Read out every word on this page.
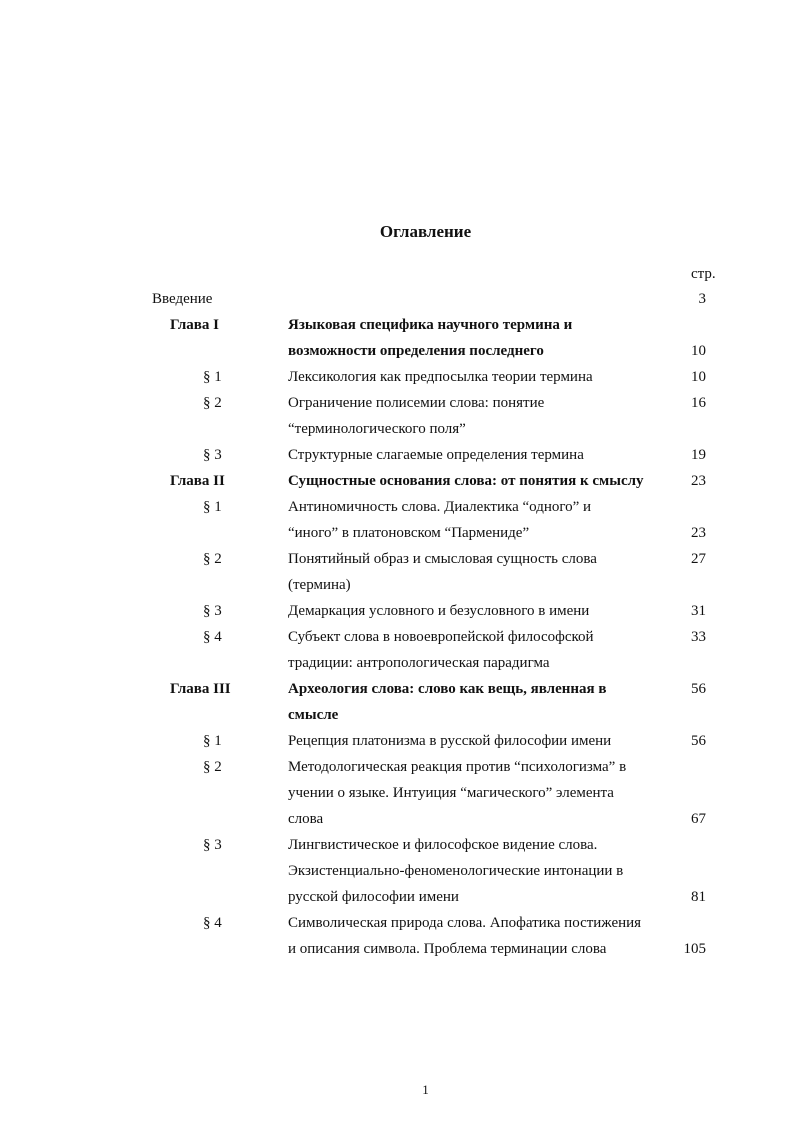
Оглавление
стр.
Введение	3
Глава I	Языковая специфика научного термина и
возможности определения последнего	10
§ 1	Лексикология как предпосылка теории термина	10
§ 2	Ограничение полисемии слова: понятие	16
“терминологического поля”
§ 3	Структурные слагаемые определения термина	19
Глава II	Сущностные основания слова: от понятия к смыслу	23
§ 1	Антиномичность слова. Диалектика “одного” и
“иного” в платоновском “Пармениде”	23
§ 2	Понятийный образ и смысловая сущность слова	27
(термина)
§ 3	Демаркация условного и безусловного в имени	31
§ 4	Субъект слова в новоевропейской философской	33
традиции: антропологическая парадигма
Глава III	Археология слова: слово как вещь, явленная в	56
смысле
§ 1	Рецепция платонизма в русской философии имени	56
§ 2	Методологическая реакция против “психологизма” в
учении о языке. Интуиция “магического” элемента
слова	67
§ 3	Лингвистическое и философское видение слова.
Экзистенциально-феноменологические интонации в
русской философии имени	81
§ 4	Символическая природа слова. Апофатика постижения
и описания символа. Проблема терминации слова	105
1
